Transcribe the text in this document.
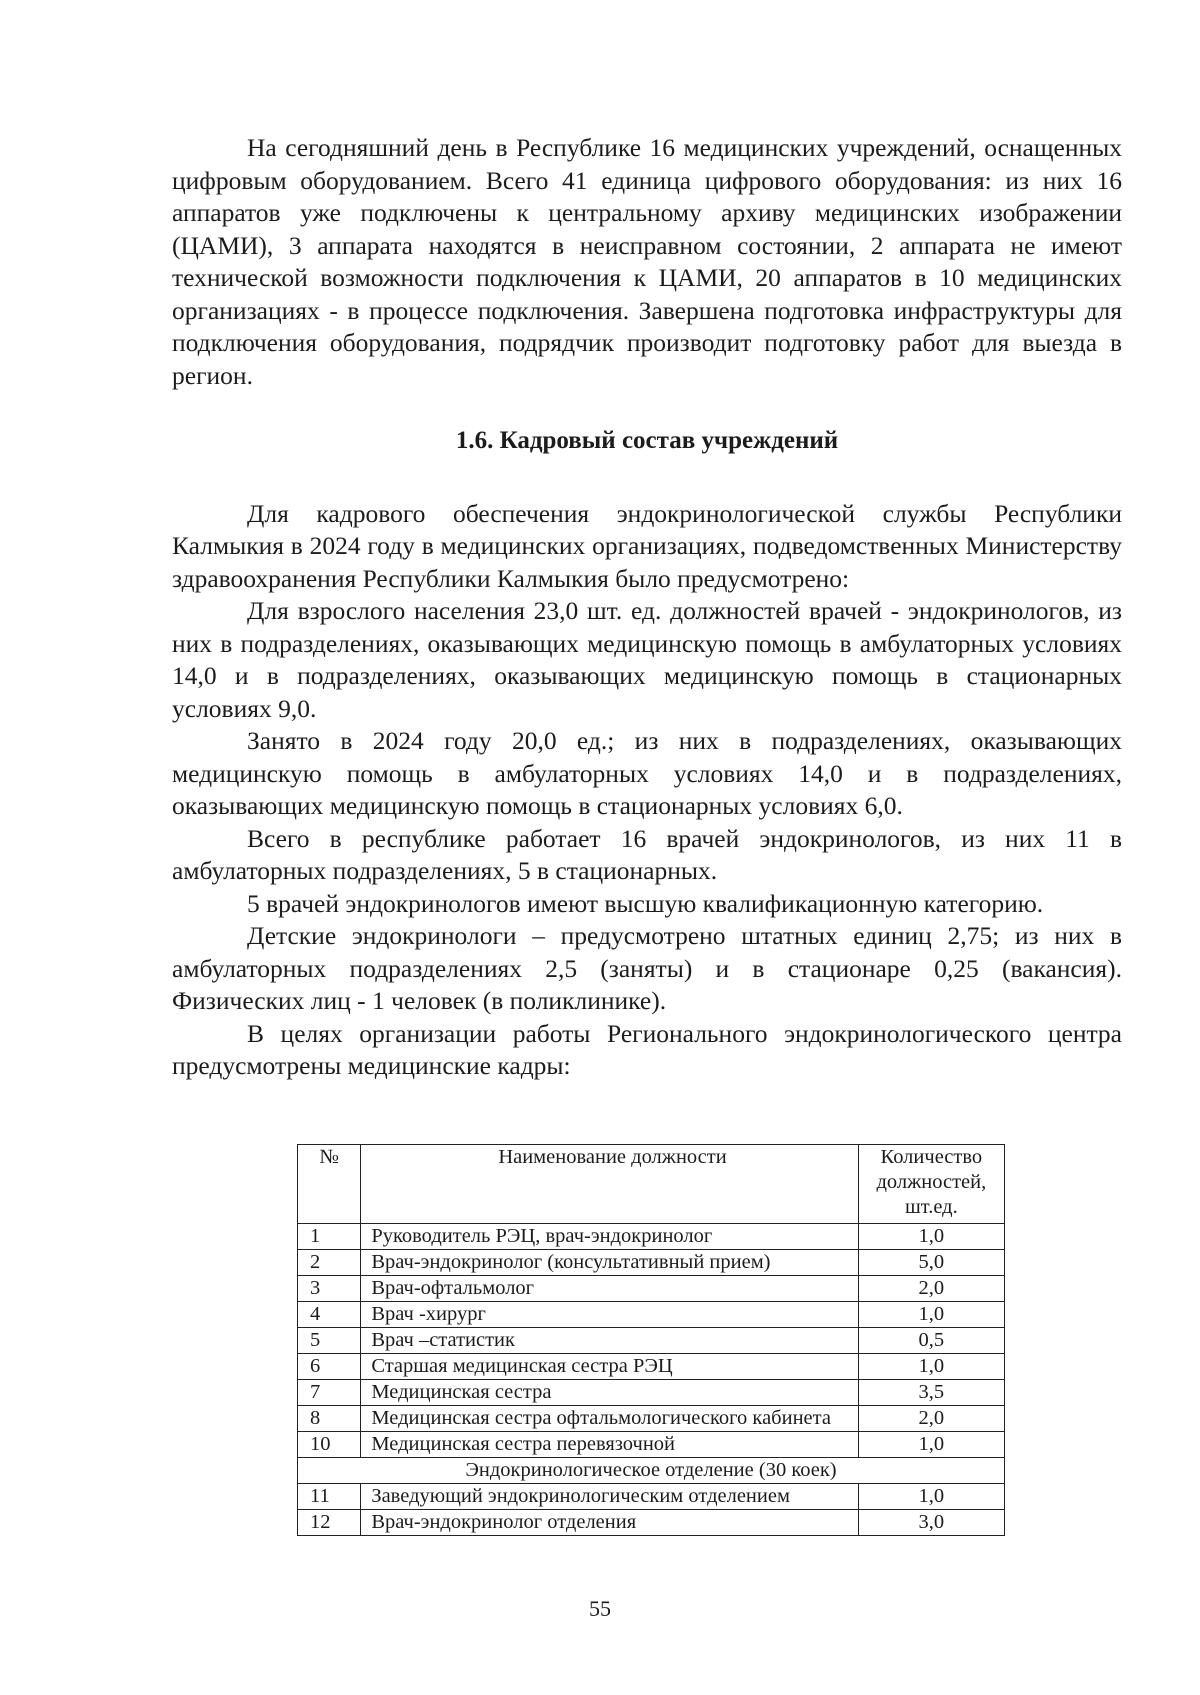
На сегодняшний день в Республике 16 медицинских учреждений, оснащенных цифровым оборудованием. Всего 41 единица цифрового оборудования: из них 16 аппаратов уже подключены к центральному архиву медицинских изображении (ЦАМИ), 3 аппарата находятся в неисправном состоянии, 2 аппарата не имеют технической возможности подключения к ЦАМИ, 20 аппаратов в 10 медицинских организациях - в процессе подключения. Завершена подготовка инфраструктуры для подключения оборудования, подрядчик производит подготовку работ для выезда в регион.

1.6. Кадровый состав учреждений

Для кадрового обеспечения эндокринологической службы Республики Калмыкия в 2024 году в медицинских организациях, подведомственных Министерству здравоохранения Республики Калмыкия было предусмотрено:

Для взрослого населения 23,0 шт. ед. должностей врачей - эндокринологов, из них в подразделениях, оказывающих медицинскую помощь в амбулаторных условиях 14,0 и в подразделениях, оказывающих медицинскую помощь в стационарных условиях 9,0.

Занято в 2024 году 20,0 ед.; из них в подразделениях, оказывающих медицинскую помощь в амбулаторных условиях 14,0 и в подразделениях, оказывающих медицинскую помощь в стационарных условиях 6,0.

Всего в республике работает 16 врачей эндокринологов, из них 11 в амбулаторных подразделениях, 5 в стационарных.

5 врачей эндокринологов имеют высшую квалификационную категорию.

Детские эндокринологи – предусмотрено штатных единиц 2,75; из них в амбулаторных подразделениях 2,5 (заняты) и в стационаре 0,25 (вакансия). Физических лиц - 1 человек (в поликлинике).

В целях организации работы Регионального эндокринологического центра предусмотрены медицинские кадры:

№	Наименование должности	Количество должностей, шт.ед.
1	Руководитель РЭЦ, врач-эндокринолог	1,0
2	Врач-эндокринолог (консультативный прием)	5,0
3	Врач-офтальмолог	2,0
4	Врач -хирург	1,0
5	Врач –статистик	0,5
6	Старшая медицинская сестра РЭЦ	1,0
7	Медицинская сестра	3,5
8	Медицинская сестра офтальмологического кабинета	2,0
10	Медицинская сестра перевязочной	1,0
Эндокринологическое отделение (30 коек)		
11	Заведующий эндокринологическим отделением	1,0
12	Врач-эндокринолог отделения	3,0
55
